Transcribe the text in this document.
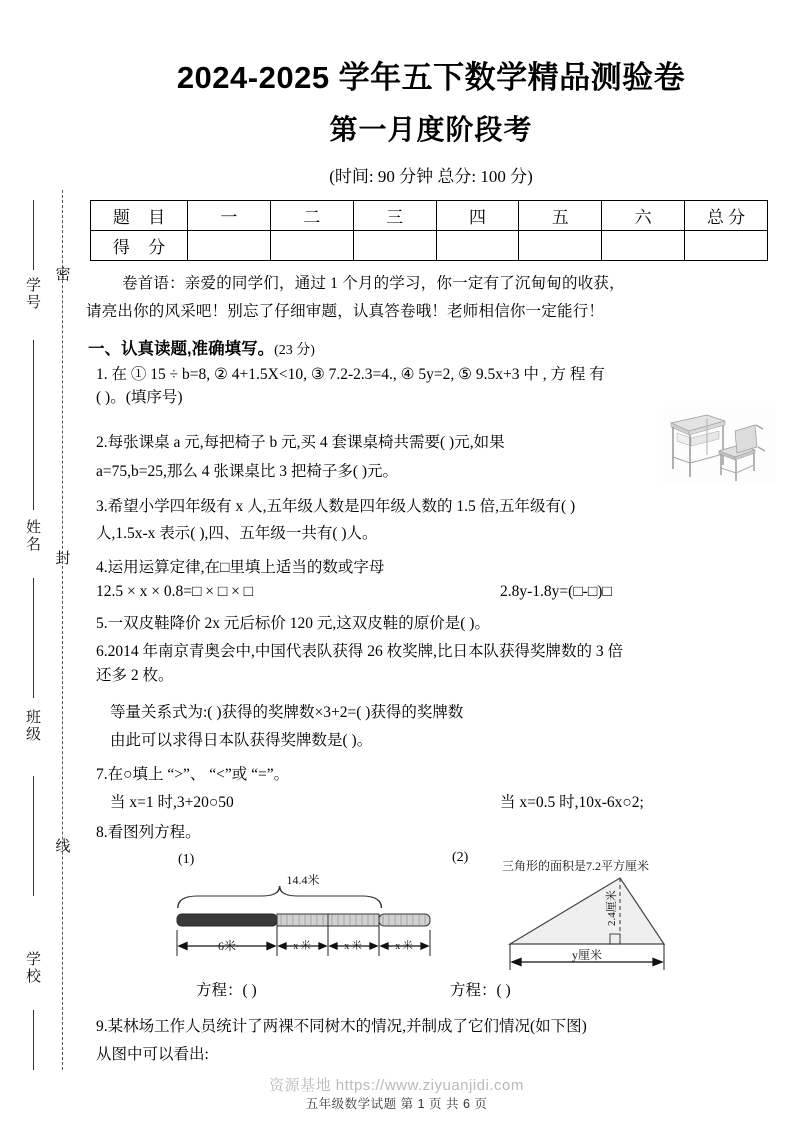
密
封
线
学 号
姓 名
班 级
学 校
2024-2025 学年五下数学精品测验卷
第一月度阶段考
(时间: 90 分钟 总分: 100 分)
题 目	一	二	三	四	五	六	总 分
得 分							
卷首语：亲爱的同学们，通过 1 个月的学习，你一定有了沉甸甸的收获，
请亮出你的风采吧！别忘了仔细审题，认真答卷哦！老师相信你一定能行！
一、认真读题,准确填写。(23 分)
1. 在 ① 15 ÷ b=8, ② 4+1.5X<10, ③ 7.2-2.3=4., ④ 5y=2, ⑤ 9.5x+3 中 , 方 程 有
( )。(填序号)
2.每张课桌 a 元,每把椅子 b 元,买 4 套课桌椅共需要( )元,如果
a=75,b=25,那么 4 张课桌比 3 把椅子多( )元。
3.希望小学四年级有 x 人,五年级人数是四年级人数的 1.5 倍,五年级有( )
人,1.5x-x 表示( ),四、五年级一共有( )人。
4.运用运算定律,在□里填上适当的数或字母
12.5 × x × 0.8=□ × □ × □	2.8y-1.8y=(□-□)□
5.一双皮鞋降价 2x 元后标价 120 元,这双皮鞋的原价是( )。
6.2014 年南京青奥会中,中国代表队获得 26 枚奖牌,比日本队获得奖牌数的 3 倍
还多 2 枚。
等量关系式为:( )获得的奖牌数×3+2=( )获得的奖牌数
由此可以求得日本队获得奖牌数是( )。
7.在○填上 “>”、 “<”或 “=”。
当 x=1 时,3+20○50	当 x=0.5 时,10x-6x○2;
8.看图列方程。
(1)	(2)
14.4米
6米	x 米	x 米	x 米
三角形的面积是7.2平方厘米
2.4厘米
y厘米
方程：( )	方程：( )
9.某林场工作人员统计了两裸不同树木的情况,并制成了它们情况(如下图)
从图中可以看出:
资源基地 https://www.ziyuanjidi.com
五年级数学试题 第 1 页 共 6 页
